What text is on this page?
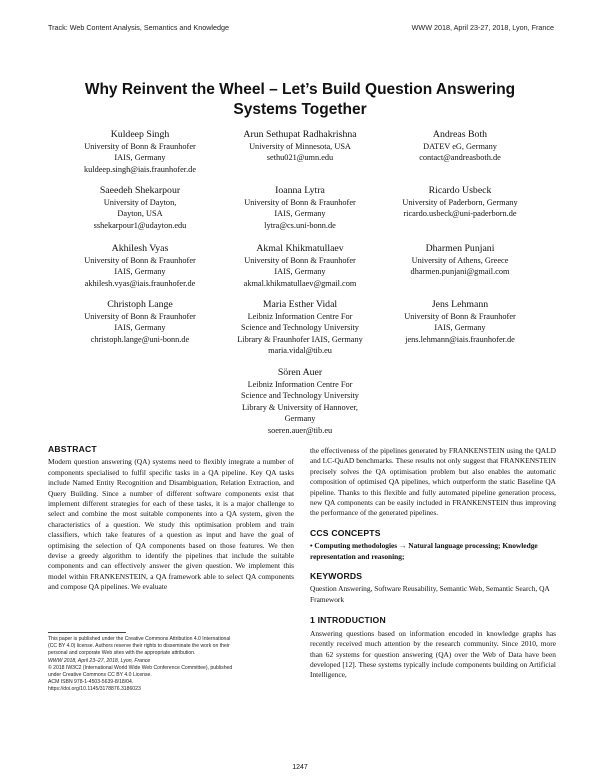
Track: Web Content Analysis, Semantics and Knowledge	WWW 2018, April 23-27, 2018, Lyon, France
Why Reinvent the Wheel – Let’s Build Question Answering
Systems Together
Kuldeep Singh
University of Bonn & Fraunhofer
IAIS, Germany
kuldeep.singh@iais.fraunhofer.de
Arun Sethupat Radhakrishna
University of Minnesota, USA
sethu021@umn.edu
Andreas Both
DATEV eG, Germany
contact@andreasboth.de
Saeedeh Shekarpour
University of Dayton,
Dayton, USA
sshekarpour1@udayton.edu
Ioanna Lytra
University of Bonn & Fraunhofer
IAIS, Germany
lytra@cs.uni-bonn.de
Ricardo Usbeck
University of Paderborn, Germany
ricardo.usbeck@uni-paderborn.de
Akhilesh Vyas
University of Bonn & Fraunhofer
IAIS, Germany
akhilesh.vyas@iais.fraunhofer.de
Akmal Khikmatullaev
University of Bonn & Fraunhofer
IAIS, Germany
akmal.khikmatullaev@gmail.com
Dharmen Punjani
University of Athens, Greece
dharmen.punjani@gmail.com
Christoph Lange
University of Bonn & Fraunhofer
IAIS, Germany
christoph.lange@uni-bonn.de
Maria Esther Vidal
Leibniz Information Centre For
Science and Technology University
Library & Fraunhofer IAIS, Germany
maria.vidal@tib.eu
Jens Lehmann
University of Bonn & Fraunhofer
IAIS, Germany
jens.lehmann@iais.fraunhofer.de
Sören Auer
Leibniz Information Centre For
Science and Technology University
Library & University of Hannover,
Germany
soeren.auer@tib.eu
ABSTRACT

Modern question answering (QA) systems need to flexibly integrate a number of components specialised to fulfil specific tasks in a QA pipeline. Key QA tasks include Named Entity Recognition and Disambiguation, Relation Extraction, and Query Building. Since a number of different software components exist that implement different strategies for each of these tasks, it is a major challenge to select and combine the most suitable components into a QA system, given the characteristics of a question. We study this optimisation problem and train classifiers, which take features of a question as input and have the goal of optimising the selection of QA components based on those features. We then devise a greedy algorithm to identify the pipelines that include the suitable components and can effectively answer the given question. We implement this model within FRANKENSTEIN, a QA framework able to select QA components and compose QA pipelines. We evaluate

This paper is published under the Creative Commons Attribution 4.0 International
(CC BY 4.0) license. Authors reserve their rights to disseminate the work on their
personal and corporate Web sites with the appropriate attribution.
WWW 2018, April 23–27, 2018, Lyon, France
© 2018 IW3C2 (International World Wide Web Conference Committee), published
under Creative Commons CC BY 4.0 License.
ACM ISBN 978-1-4503-5639-8/18/04.
https://doi.org/10.1145/3178876.3186023

the effectiveness of the pipelines generated by FRANKENSTEIN using the QALD and LC-QuAD benchmarks. These results not only suggest that FRANKENSTEIN precisely solves the QA optimisation problem but also enables the automatic composition of optimised QA pipelines, which outperform the static Baseline QA pipeline. Thanks to this flexible and fully automated pipeline generation process, new QA components can be easily included in FRANKENSTEIN thus improving the performance of the generated pipelines.

CCS CONCEPTS

• Computing methodologies → Natural language processing; Knowledge representation and reasoning;

KEYWORDS

Question Answering, Software Reusability, Semantic Web, Semantic Search, QA Framework

1 INTRODUCTION

Answering questions based on information encoded in knowledge graphs has recently received much attention by the research community. Since 2010, more than 62 systems for question answering (QA) over the Web of Data have been developed [12]. These systems typically include components building on Artificial Intelligence,

1247
